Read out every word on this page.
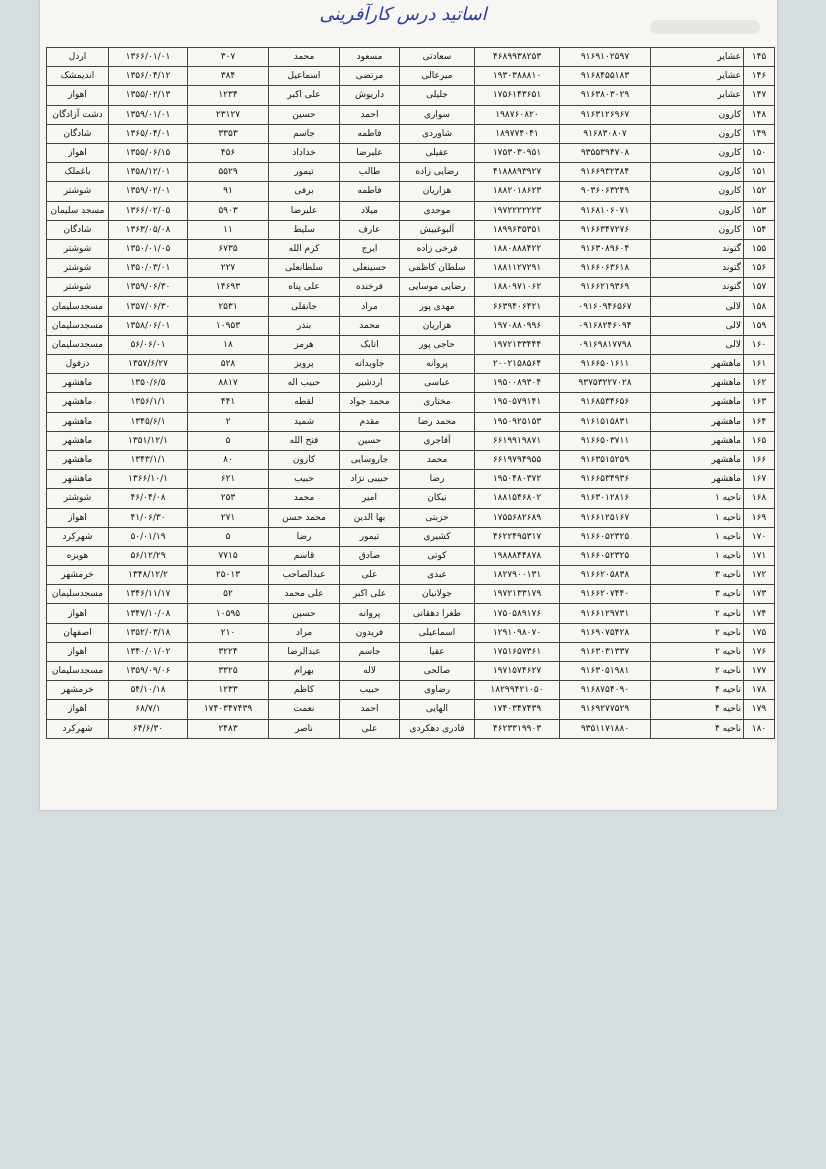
اساتید درس کارآفرینی
۱۴۵	عشایر	۹۱۶۹۱۰۲۵۹۷	۴۶۸۹۹۳۸۲۵۳	سعادتی	مسعود	محمد	۳۰۷	۱۳۶۶/۰۱/۰۱	اردل
۱۴۶	عشایر	۹۱۶۸۴۵۵۱۸۳	۱۹۳۰۳۸۸۸۱۰	میرعالی	مرتضی	اسماعیل	۳۸۴	۱۳۵۶/۰۴/۱۲	اندیمشک
۱۴۷	عشایر	۹۱۶۳۸۰۳۰۲۹	۱۷۵۶۱۴۳۶۵۱	جلیلی	داریوش	علی اکبر	۱۲۳۴	۱۳۵۵/۰۲/۱۳	اهواز
۱۴۸	کارون	۹۱۶۳۱۲۶۹۶۷	۱۹۸۷۶۰۸۲۰	سواری	احمد	حسین	۲۳۱۲۷	۱۳۵۹/۰۱/۰۱	دشت آزادگان
۱۴۹	کارون	۹۱۶۸۳۰۸۰۷	۱۸۹۷۷۴۰۴۱	شاوردی	فاطمه	جاسم	۳۳۵۳	۱۳۶۵/۰۴/۰۱	شادگان
۱۵۰	کارون	۹۳۵۵۳۹۴۷۰۸	۱۷۵۳۰۳۰۹۵۱	عقیلی	علیرضا	خداداد	۴۵۶	۱۳۵۵/۰۶/۱۵	اهواز
۱۵۱	کارون	۹۱۶۶۹۳۲۳۸۴	۴۱۸۸۸۹۳۹۲۷	رضایی زاده	طالب	تیمور	۵۵۲۹	۱۳۵۸/۱۲/۰۱	باغملک
۱۵۲	کارون	۹۰۳۶۰۶۳۲۴۹	۱۸۸۲۰۱۸۶۲۳	هزاریان	فاطمه	برفی	۹۱	۱۳۵۹/۰۲/۰۱	شوشتر
۱۵۳	کارون	۹۱۶۸۱۰۶۰۷۱	۱۹۷۲۲۲۲۲۲۳	موحدی	میلاد	علیرضا	۵۹۰۳	۱۳۶۶/۰۲/۰۵	مسجد سلیمان
۱۵۴	کارون	۹۱۶۶۳۴۷۲۷۶	۱۸۹۹۶۳۵۳۵۱	آلبوغبیش	عارف	سلیط	۱۱	۱۳۶۳/۰۵/۰۸	شادگان
۱۵۵	گتوند	۹۱۶۳۰۸۹۶۰۴	۱۸۸۰۸۸۸۴۲۲	فرخی زاده	ایرج	کرم الله	۶۷۳۵	۱۳۵۰/۰۱/۰۵	شوشتر
۱۵۶	گتوند	۹۱۶۶۰۶۳۶۱۸	۱۸۸۱۱۲۷۲۹۱	سلطان کاظمی	حسینعلی	سلطانعلی	۲۲۷	۱۳۵۰/۰۳/۰۱	شوشتر
۱۵۷	گتوند	۹۱۶۶۲۱۹۳۶۹	۱۸۸۰۹۷۱۰۶۲	رضایی موسایی	فرخنده	علی پناه	۱۴۶۹۳	۱۳۵۹/۰۶/۳۰	شوشتر
۱۵۸	لالی	۰۹۱۶۰۹۴۶۵۶۷	۶۶۳۹۴۰۶۴۲۱	مهدی پور	مراد	جانقلی	۲۵۳۱	۱۳۵۷/۰۶/۳۰	مسجدسلیمان
۱۵۹	لالی	۰۹۱۶۸۲۴۶۰۹۴	۱۹۷۰۸۸۰۹۹۶	هزاریان	محمد	بندر	۱۰۹۵۳	۱۳۵۸/۰۶/۰۱	مسجدسلیمان
۱۶۰	لالی	۰۹۱۶۹۸۱۷۷۹۸	۱۹۷۲۱۳۳۴۴۴	حاجی پور	اتابک	هرمز	۱۸	۵۶/۰۶/۰۱	مسجدسلیمان
۱۶۱	ماهشهر	۹۱۶۶۵۰۱۶۱۱	۲۰۰۲۱۵۸۵۶۴	پروانه	جاویدانه	پرویز	۵۲۸	۱۳۵۷/۶/۲۷	دزفول
۱۶۲	ماهشهر	۹۳۷۵۳۲۲۷۰۲۸	۱۹۵۰۰۸۹۳۰۴	عباسی	اردشیر	حبیب اله	۸۸۱۷	۱۳۵۰/۶/۵	ماهشهر
۱۶۳	ماهشهر	۹۱۶۸۵۳۴۶۵۶	۱۹۵۰۵۷۹۱۴۱	مختاری	محمد جواد	لقطه	۴۴۱	۱۳۵۶/۱/۱	ماهشهر
۱۶۴	ماهشهر	۹۱۶۱۵۱۵۸۳۱	۱۹۵۰۹۲۵۱۵۳	محمد رضا	مقدم	شمید	۲	۱۳۴۵/۶/۱	ماهشهر
۱۶۵	ماهشهر	۹۱۶۶۵۰۳۷۱۱	۶۶۱۹۹۱۹۸۷۱	آقاجری	حسین	فتح الله	۵	۱۳۵۱/۱۲/۱	ماهشهر
۱۶۶	ماهشهر	۹۱۶۳۵۱۵۲۵۹	۶۶۱۹۷۹۴۹۵۵	محمد	جاروسایی	کارون	۸۰	۱۳۴۳/۱/۱	ماهشهر
۱۶۷	ماهشهر	۹۱۶۶۵۳۴۹۳۶	۱۹۵۰۴۸۰۳۷۲	رضا	حبیبی نژاد	حبیب	۶۲۱	۱۳۶۶/۱۰/۱	ماهشهر
۱۶۸	ناحیه ۱	۹۱۶۳۰۱۲۸۱۶	۱۸۸۱۵۴۶۸۰۲	نیکان	امیر	محمد	۲۵۳	۴۶/۰۴/۰۸	شوشتر
۱۶۹	ناحیه ۱	۹۱۶۶۱۲۵۱۶۷	۱۷۵۵۶۸۲۶۸۹	حزبتی	بها الدین	محمد حسن	۲۷۱	۴۱/۰۶/۳۰	اهواز
۱۷۰	ناحیه ۱	۹۱۶۶۰۵۲۳۲۵	۴۶۲۲۴۹۵۳۱۷	کشیری	تیمور	رضا	۵	۵۰/۰۱/۱۹	شهرکرد
۱۷۱	ناحیه ۱	۹۱۶۶۰۵۲۳۲۵	۱۹۸۸۸۴۴۸۷۸	کوتی	صادق	قاسم	۷۷۱۵	۵۶/۱۲/۲۹	هویزه
۱۷۲	ناحیه ۳	۹۱۶۶۲۰۵۸۳۸	۱۸۲۷۹۰۰۱۳۱	عبدی	علی	عبدالصاحب	۲۵۰۱۳	۱۳۴۸/۱۲/۲	خرمشهر
۱۷۳	ناحیه ۳	۹۱۶۶۲۰۷۴۴۰	۱۹۷۲۱۳۳۱۷۹	جولانیان	علی اکبر	علی محمد	۵۲	۱۳۴۶/۱۱/۱۷	مسجدسلیمان
۱۷۴	ناحیه ۲	۹۱۶۶۱۲۹۷۳۱	۱۷۵۰۵۸۹۱۷۶	طغرا دهقانی	پروانه	حسین	۱۰۵۹۵	۱۳۴۷/۱۰/۰۸	اهواز
۱۷۵	ناحیه ۲	۹۱۶۹۰۷۵۴۲۸	۱۲۹۱۰۹۸۰۷۰	اسماعیلی	فریدون	مراد	۲۱۰	۱۳۵۲/۰۳/۱۸	اصفهان
۱۷۶	ناحیه ۲	۹۱۶۳۰۳۱۳۳۷	۱۷۵۱۶۵۷۳۶۱	عقیا	جاسم	عبدالرضا	۳۲۲۴	۱۳۴۰/۰۱/۰۲	اهواز
۱۷۷	ناحیه ۲	۹۱۶۳۰۵۱۹۸۱	۱۹۷۱۵۷۴۶۲۷	صالحی	لاله	بهرام	۳۳۲۵	۱۳۵۹/۰۹/۰۶	مسجدسلیمان
۱۷۸	ناحیه ۴	۹۱۶۸۷۵۴۰۹۰	۱۸۲۹۹۴۲۱۰۵۰	رضاوی	حبیب	کاظم	۱۲۳۳	۵۴/۱۰/۱۸	خرمشهر
۱۷۹	ناحیه ۴	۹۱۶۹۲۷۷۵۲۹	۱۷۴۰۳۴۷۴۳۹	الهایی	احمد	نعمت	۱۷۴۰۳۴۷۴۳۹	۶۸/۷/۱	اهواز
۱۸۰	ناحیه ۴	۹۳۵۱۱۷۱۸۸۰	۴۶۲۳۳۱۹۹۰۳	قادری دهکردی	علی	ناصر	۲۴۸۳	۶۴/۶/۳۰	شهرکرد
